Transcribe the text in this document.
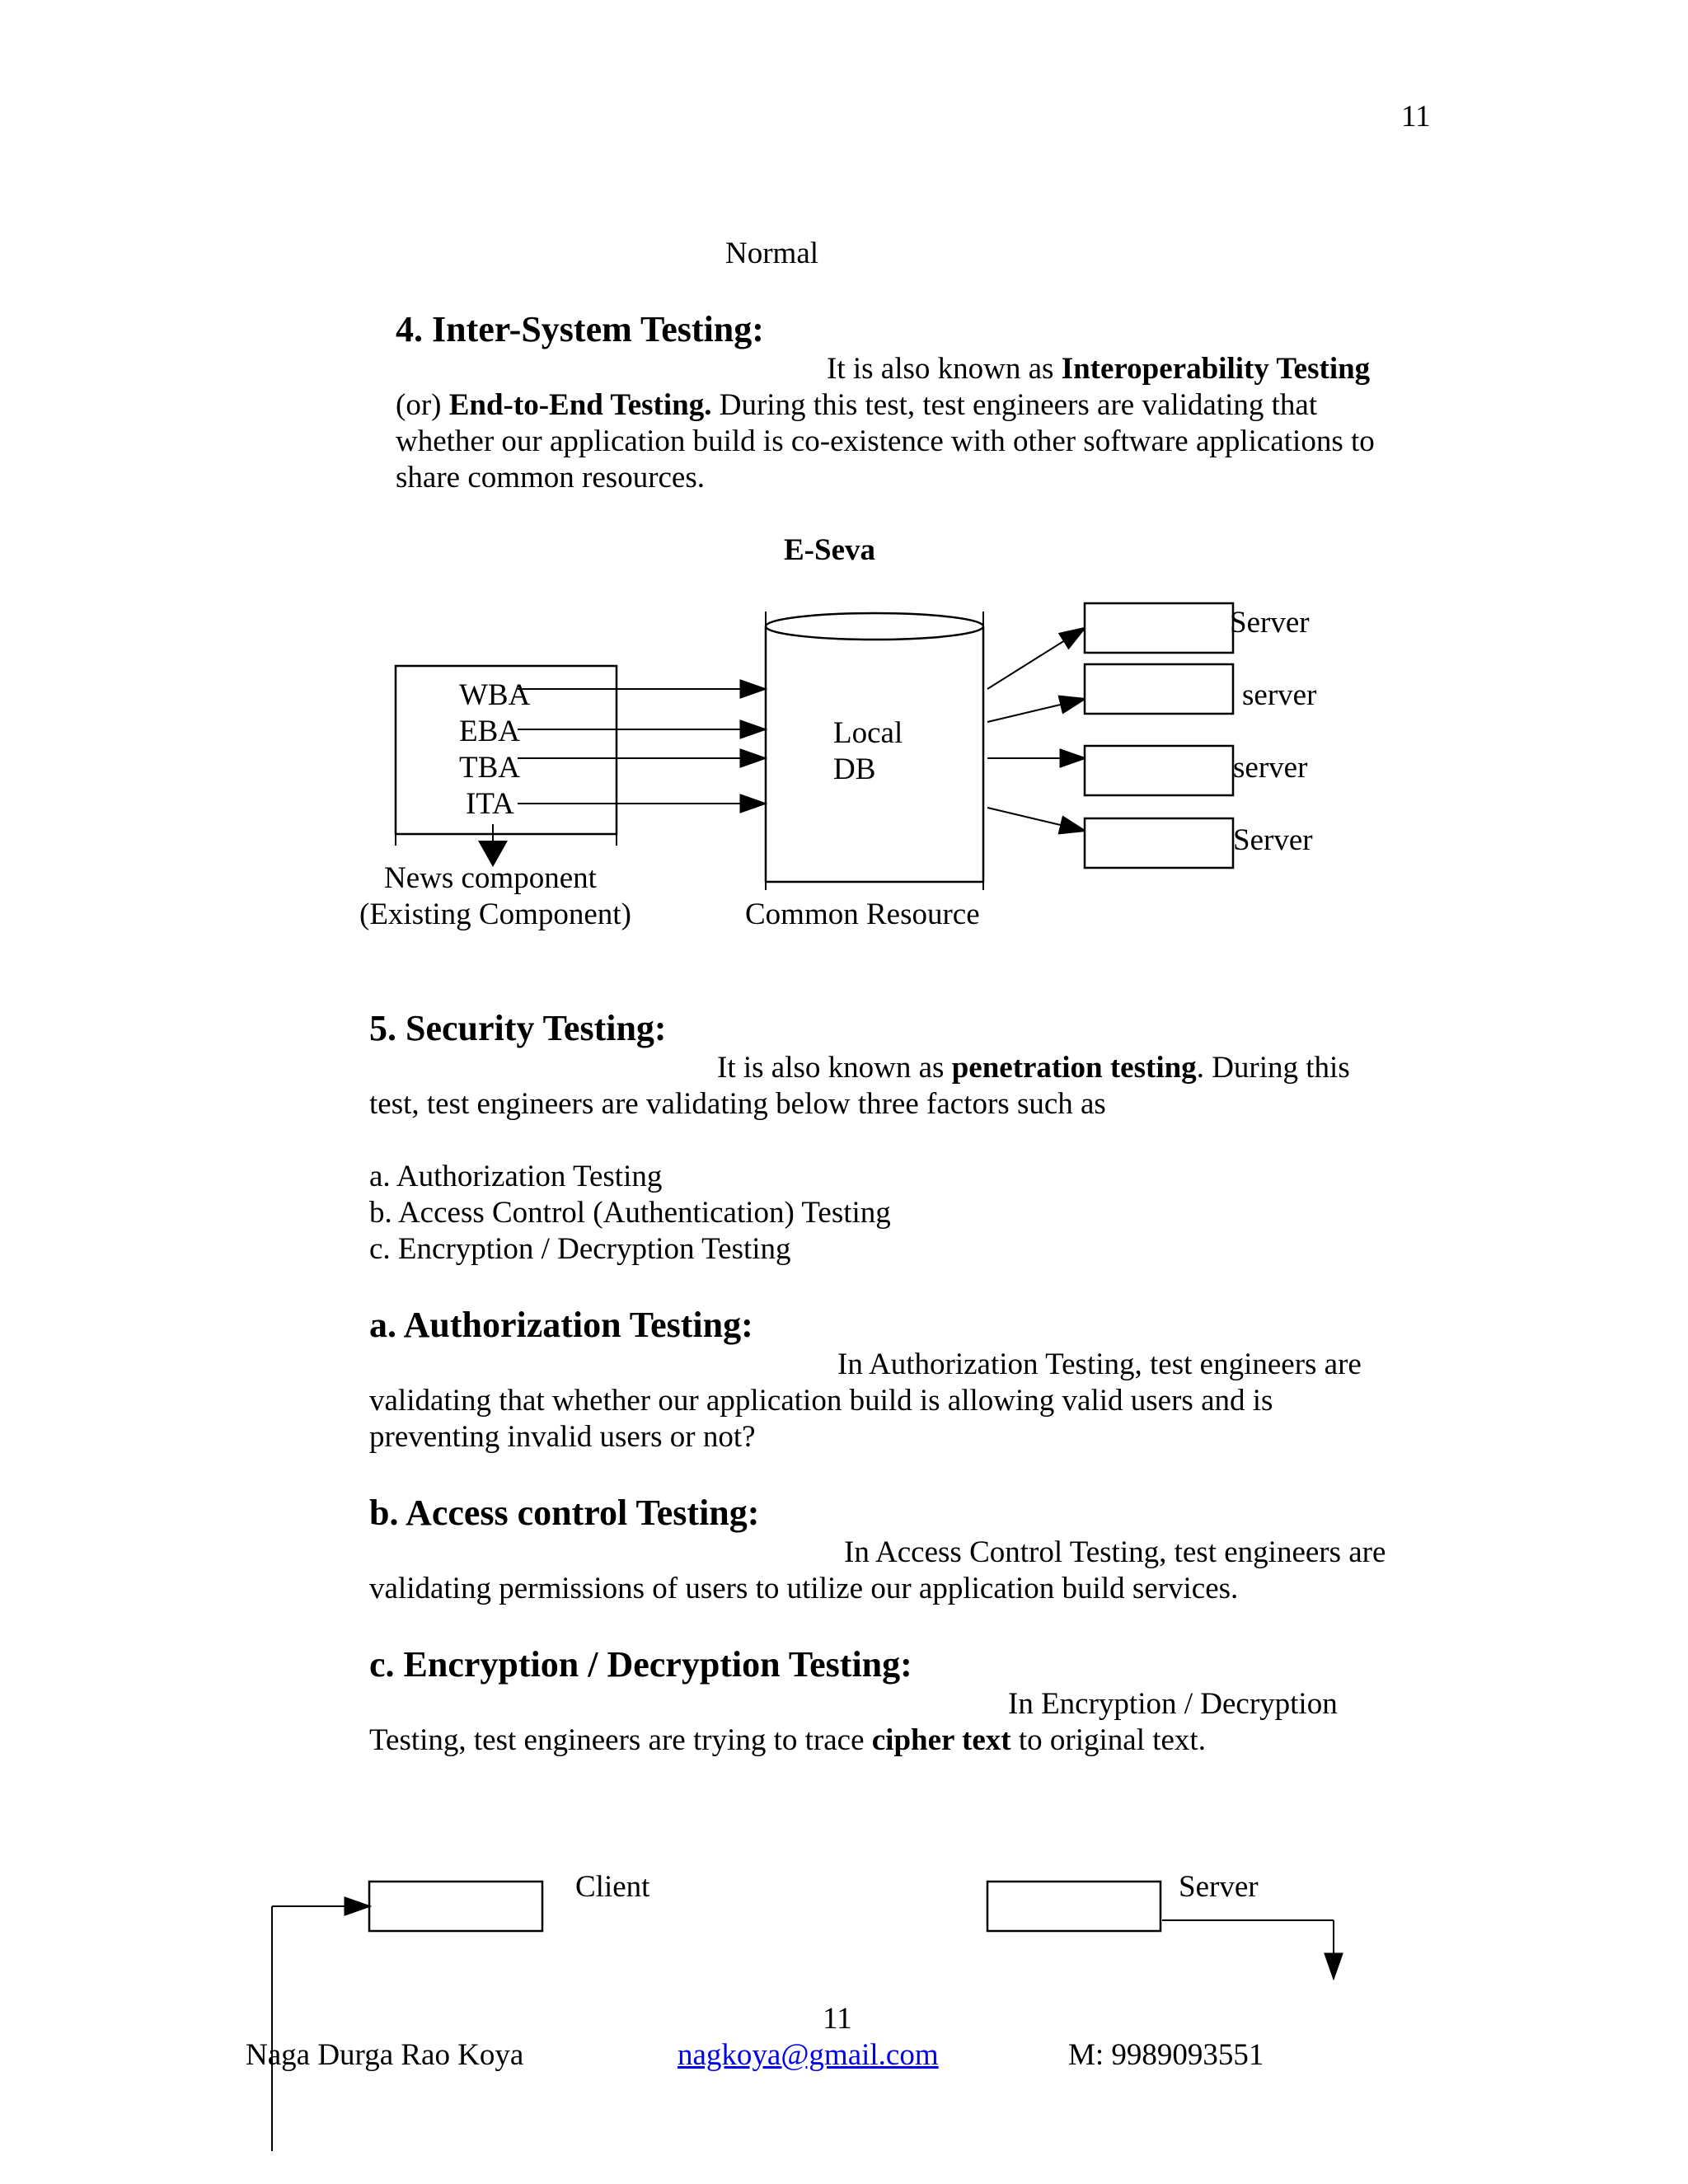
11
Normal
4. Inter-System Testing:

It is also known as Interoperability Testing

(or) End-to-End Testing. During this test, test engineers are validating that

whether our application build is co-existence with other software applications to

share common resources.

E-Seva
WBA
EBA
TBA
ITA
Local
DB
Server
server
server
Server
News component
(Existing Component)	Common Resource
5. Security Testing:

It is also known as penetration testing. During this

test, test engineers are validating below three factors such as

a. Authorization Testing

b. Access Control (Authentication) Testing

c. Encryption / Decryption Testing

a. Authorization Testing:

In Authorization Testing, test engineers are

validating that whether our application build is allowing valid users and is

preventing invalid users or not?

b. Access control Testing:

In Access Control Testing, test engineers are

validating permissions of users to utilize our application build services.

c. Encryption / Decryption Testing:

In Encryption / Decryption

Testing, test engineers are trying to trace cipher text to original text.

Client	Server
11
Naga Durga Rao Koya	nagkoya@gmail.com	M: 9989093551
